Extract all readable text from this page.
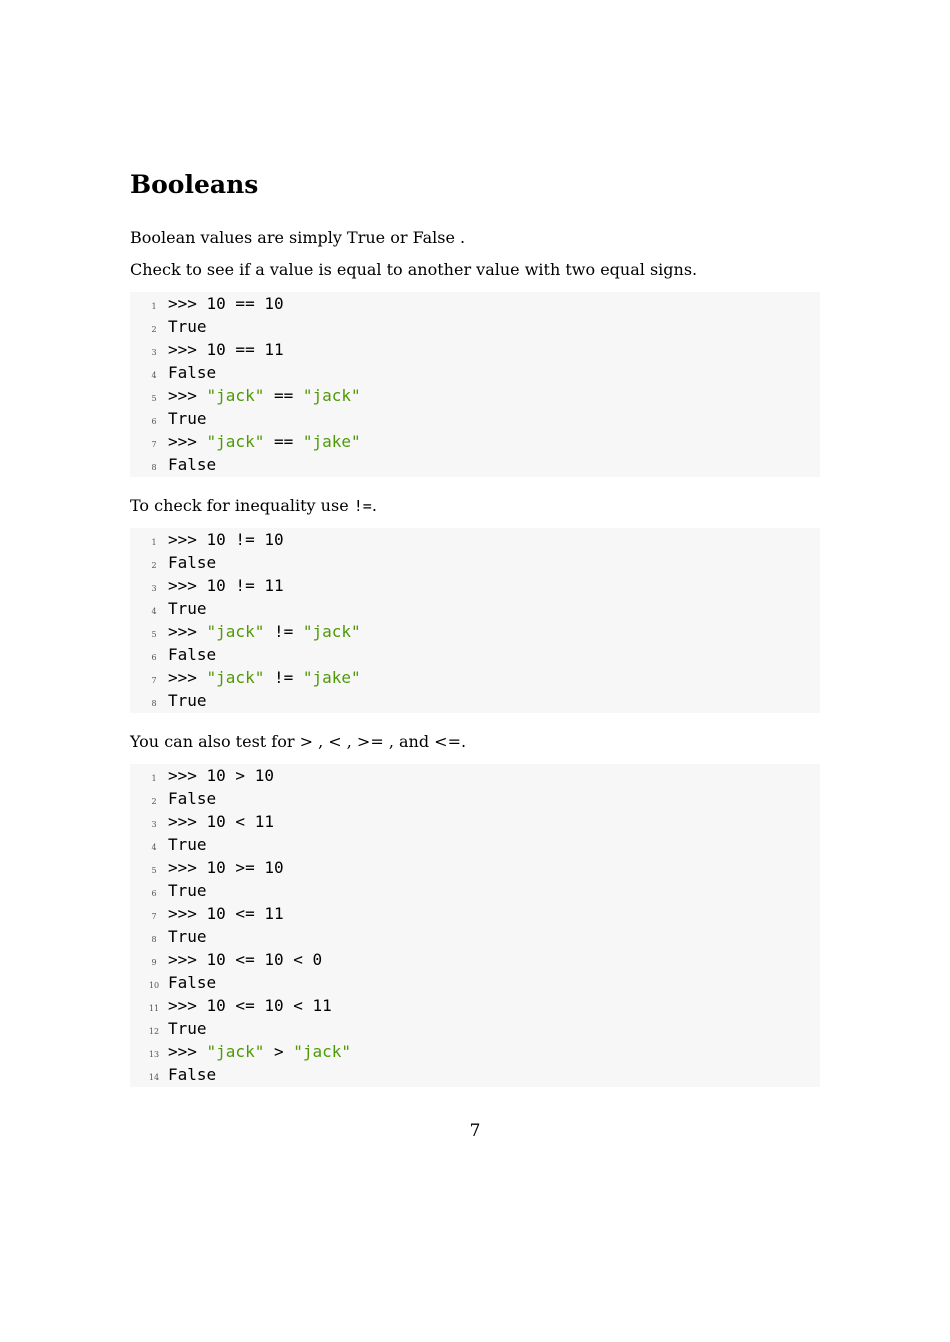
Booleans

Boolean values are simply True or False .

Check to see if a value is equal to another value with two equal signs.

1 >>> 10 == 10
2 True
3 >>> 10 == 11
4 False
5 >>> "jack" == "jack"
6 True
7 >>> "jack" == "jake"
8 False

To check for inequality use !=.

1 >>> 10 != 10
2 False
3 >>> 10 != 11
4 True
5 >>> "jack" != "jack"
6 False
7 >>> "jack" != "jake"
8 True

You can also test for > , < , >= , and <=.

1 >>> 10 > 10
2 False
3 >>> 10 < 11
4 True
5 >>> 10 >= 10
6 True
7 >>> 10 <= 11
8 True
9 >>> 10 <= 10 < 0
10 False
11 >>> 10 <= 10 < 11
12 True
13 >>> "jack" > "jack"
14 False
7
